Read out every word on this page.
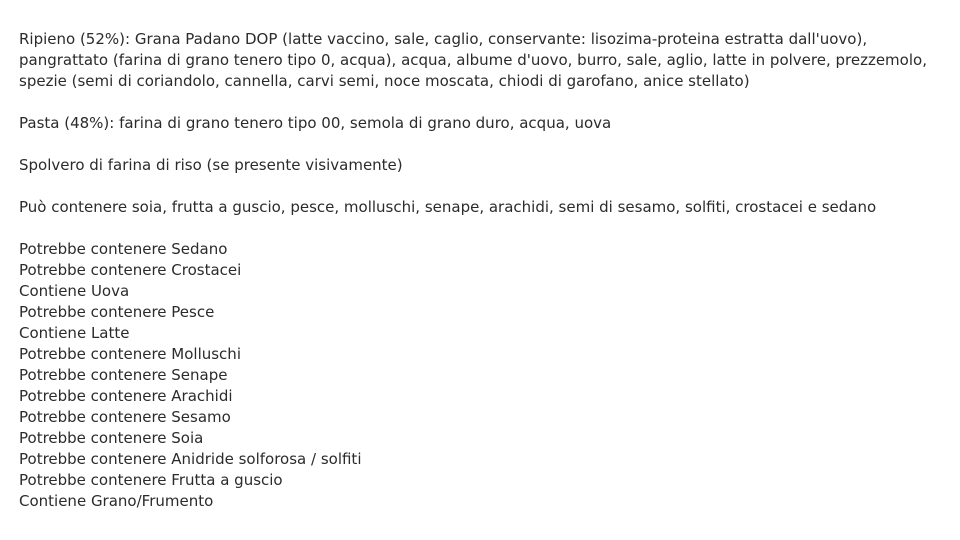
Ripieno (52%): Grana Padano DOP (latte vaccino, sale, caglio, conservante: lisozima-proteina estratta dall'uovo), pangrattato (farina di grano tenero tipo 0, acqua), acqua, albume d'uovo, burro, sale, aglio, latte in polvere, prezzemolo, spezie (semi di coriandolo, cannella, carvi semi, noce moscata, chiodi di garofano, anice stellato)

Pasta (48%): farina di grano tenero tipo 00, semola di grano duro, acqua, uova

Spolvero di farina di riso (se presente visivamente)

Può contenere soia, frutta a guscio, pesce, molluschi, senape, arachidi, semi di sesamo, solfiti, crostacei e sedano

Potrebbe contenere Sedano
Potrebbe contenere Crostacei
Contiene Uova
Potrebbe contenere Pesce
Contiene Latte
Potrebbe contenere Molluschi
Potrebbe contenere Senape
Potrebbe contenere Arachidi
Potrebbe contenere Sesamo
Potrebbe contenere Soia
Potrebbe contenere Anidride solforosa / solfiti
Potrebbe contenere Frutta a guscio
Contiene Grano/Frumento
